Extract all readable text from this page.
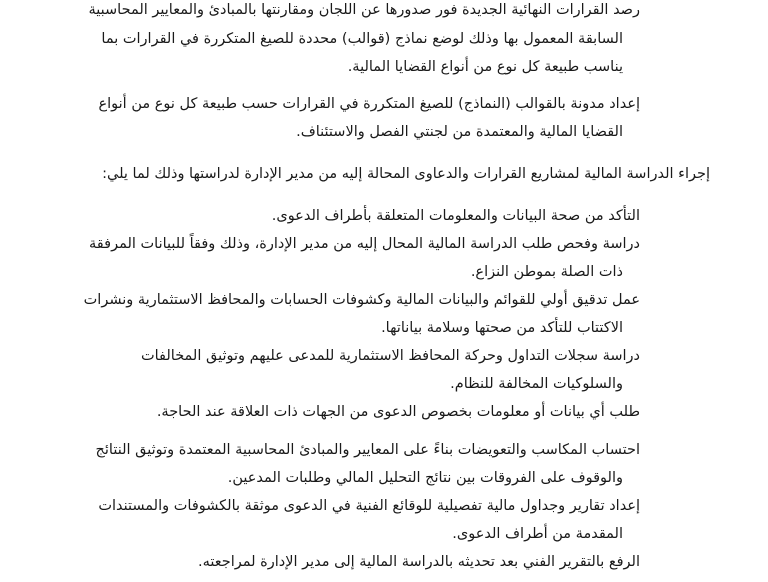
رصد القرارات النهائية الجديدة فور صدورها عن اللجان ومقارنتها بالمبادئ والمعايير المحاسبية
السابقة المعمول بها وذلك لوضع نماذج (قوالب) محددة للصيغ المتكررة في القرارات بما
يناسب طبيعة كل نوع من أنواع القضايا المالية.
إعداد مدونة بالقوالب (النماذج) للصيغ المتكررة في القرارات حسب طبيعة كل نوع من أنواع
القضايا المالية والمعتمدة من لجنتي الفصل والاستئناف.
إجراء الدراسة المالية لمشاريع القرارات والدعاوى المحالة إليه من مدير الإدارة لدراستها وذلك لما يلي:
التأكد من صحة البيانات والمعلومات المتعلقة بأطراف الدعوى.
دراسة وفحص طلب الدراسة المالية المحال إليه من مدير الإدارة، وذلك وفقاً للبيانات المرفقة
ذات الصلة بموطن النزاع.
عمل تدقيق أولي للقوائم والبيانات المالية وكشوفات الحسابات والمحافظ الاستثمارية ونشرات
الاكتتاب للتأكد من صحتها وسلامة بياناتها.
دراسة سجلات التداول وحركة المحافظ الاستثمارية للمدعى عليهم وتوثيق المخالفات
والسلوكيات المخالفة للنظام.
طلب أي بيانات أو معلومات بخصوص الدعوى من الجهات ذات العلاقة عند الحاجة.
احتساب المكاسب والتعويضات بناءً على المعايير والمبادئ المحاسبية المعتمدة وتوثيق النتائج
والوقوف على الفروقات بين نتائج التحليل المالي وطلبات المدعين.
إعداد تقارير وجداول مالية تفصيلية للوقائع الفنية في الدعوى موثقة بالكشوفات والمستندات
المقدمة من أطراف الدعوى.
الرفع بالتقرير الفني بعد تحديثه بالدراسة المالية إلى مدير الإدارة لمراجعته.
